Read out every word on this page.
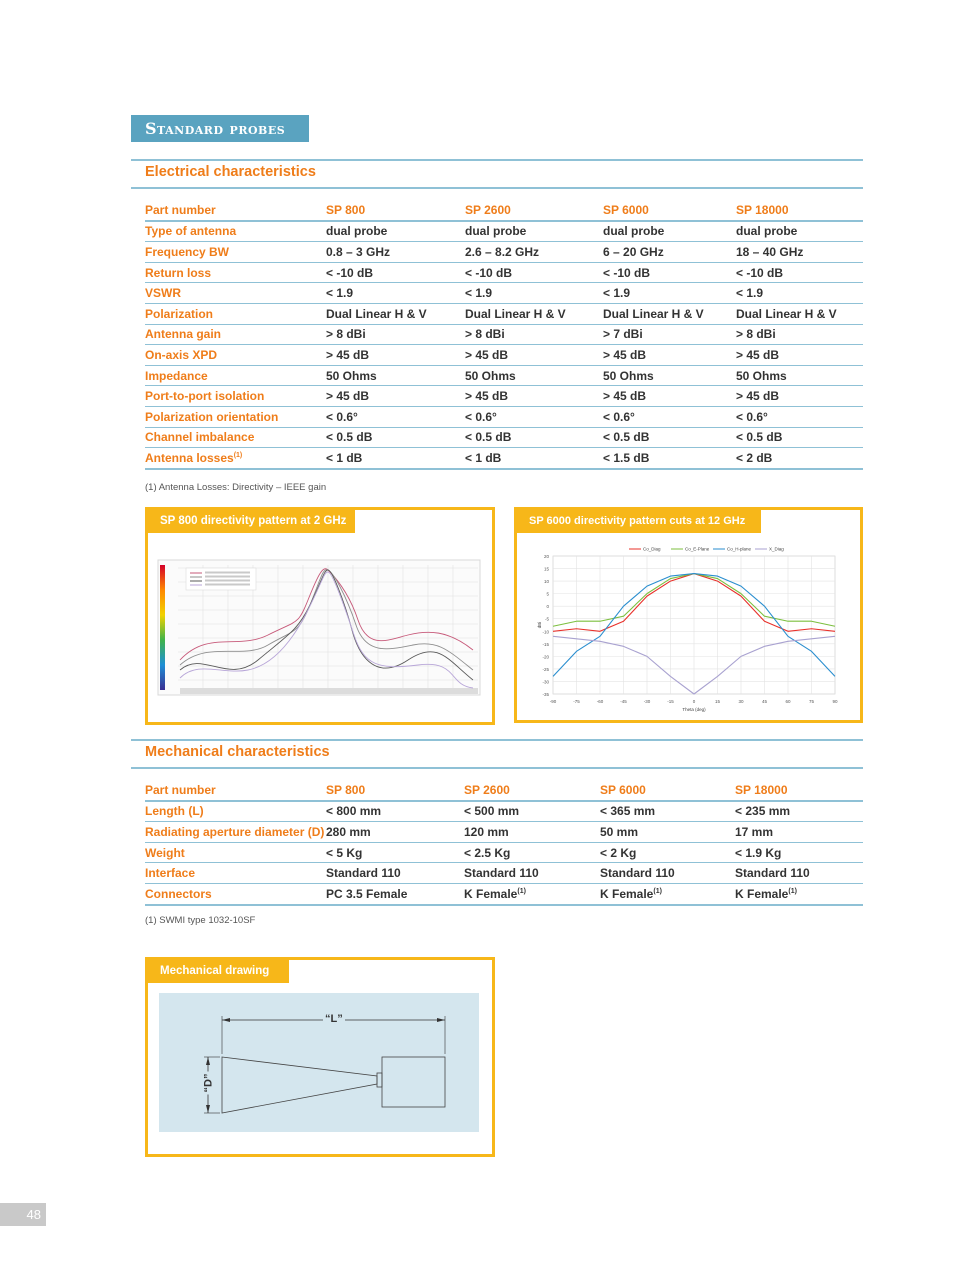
Standard probes
Electrical characteristics
Part number	SP 800	SP 2600	SP 6000	SP 18000
Type of antenna	dual probe	dual probe	dual probe	dual probe
Frequency BW	0.8 – 3 GHz	2.6 – 8.2 GHz	6 – 20 GHz	18 – 40 GHz
Return loss	< -10 dB	< -10 dB	< -10 dB	< -10 dB
VSWR	< 1.9	< 1.9	< 1.9	< 1.9
Polarization	Dual Linear H & V	Dual Linear H & V	Dual Linear H & V	Dual Linear H & V
Antenna gain	> 8 dBi	> 8 dBi	> 7 dBi	> 8 dBi
On-axis XPD	> 45 dB	> 45 dB	> 45 dB	> 45 dB
Impedance	50 Ohms	50 Ohms	50 Ohms	50 Ohms
Port-to-port isolation	> 45 dB	> 45 dB	> 45 dB	> 45 dB
Polarization orientation	< 0.6°	< 0.6°	< 0.6°	< 0.6°
Channel imbalance	< 0.5 dB	< 0.5 dB	< 0.5 dB	< 0.5 dB
Antenna losses$^{(1)}$	< 1 dB	< 1 dB	< 1.5 dB	< 2 dB
(1) Antenna Losses: Directivity – IEEE gain
SP 800 directivity pattern at 2 GHz
20
15
10
5
0
-5
-10
-15
-20
-25
-30
-35
-90	-75	-60	-45	-30	-15	0	15	30	45	60	75	90
Theta (deg)
dBi
Co_Diag	Co_E-Plane	Co_H-plane	X_Diag
SP 6000 directivity pattern cuts at 12 GHz
Mechanical characteristics
Part number	SP 800	SP 2600	SP 6000	SP 18000
Length (L)	< 800 mm	< 500 mm	< 365 mm	< 235 mm
Radiating aperture diameter (D)	280 mm	120 mm	50 mm	17 mm
Weight	< 5 Kg	< 2.5 Kg	< 2 Kg	< 1.9 Kg
Interface	Standard 110	Standard 110	Standard 110	Standard 110
Connectors	PC 3.5 Female	K Female$^{(1)}$	K Female$^{(1)}$	K Female$^{(1)}$
(1) SWMI type 1032-10SF
“L”
“D”
Mechanical drawing
48
